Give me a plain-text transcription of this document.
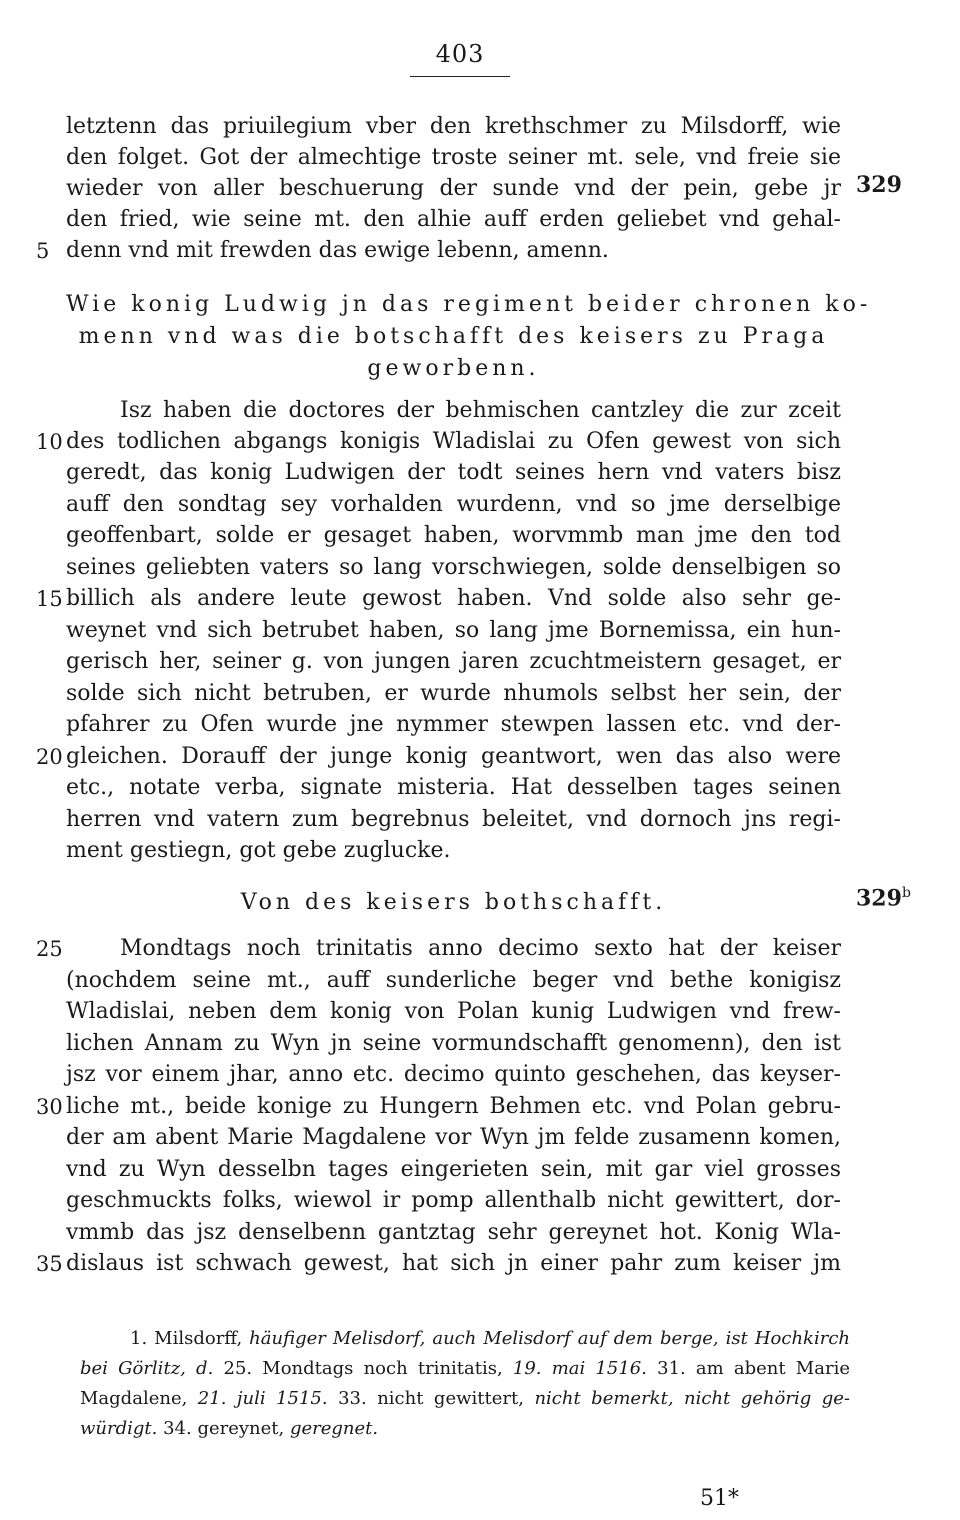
403
letztenn das priuilegium vber den krethschmer zu Milsdorff, wie
den folget. Got der almechtige troste seiner mt. sele, vnd freie sie
wieder von aller beschuerung der sunde vnd der pein, gebe jr 329
den fried, wie seine mt. den alhie auff erden geliebet vnd gehal-
5 denn vnd mit frewden das ewige lebenn, amenn.
Wie konig Ludwig jn das regiment beider chronen ko-
menn vnd was die botschafft des keisers zu Praga
geworbenn.
Isz haben die doctores der behmischen cantzley die zur zceit
10 des todlichen abgangs konigis Wladislai zu Ofen gewest von sich
geredt, das konig Ludwigen der todt seines hern vnd vaters bisz
auff den sondtag sey vorhalden wurdenn, vnd so jme derselbige
geoffenbart, solde er gesaget haben, worvmmb man jme den tod
seines geliebten vaters so lang vorschwiegen, solde denselbigen so
15 billich als andere leute gewost haben. Vnd solde also sehr ge-
weynet vnd sich betrubet haben, so lang jme Bornemissa, ein hun-
gerisch her, seiner g. von jungen jaren zcuchtmeistern gesaget, er
solde sich nicht betruben, er wurde nhumols selbst her sein, der
pfahrer zu Ofen wurde jne nymmer stewpen lassen etc. vnd der-
20 gleichen. Dorauff der junge konig geantwort, wen das also were
etc., notate verba, signate misteria. Hat desselben tages seinen
herren vnd vatern zum begrebnus beleitet, vnd dornoch jns regi-
ment gestiegn, got gebe zuglucke.
Von des keisers bothschafft.	329$^b$
25	Mondtags noch trinitatis anno decimo sexto hat der keiser
(nochdem seine mt., auff sunderliche beger vnd bethe konigisz
Wladislai, neben dem konig von Polan kunig Ludwigen vnd frew-
lichen Annam zu Wyn jn seine vormundschafft genomenn), den ist
jsz vor einem jhar, anno etc. decimo quinto geschehen, das keyser-
30 liche mt., beide konige zu Hungern Behmen etc. vnd Polan gebru-
der am abent Marie Magdalene vor Wyn jm felde zusamenn komen,
vnd zu Wyn desselbn tages eingerieten sein, mit gar viel grosses
geschmuckts folks, wiewol ir pomp allenthalb nicht gewittert, dor-
vmmb das jsz denselbenn gantztag sehr gereynet hot. Konig Wla-
35 dislaus ist schwach gewest, hat sich jn einer pahr zum keiser jm
1. Milsdorff, häufiger Melisdorf, auch Melisdorf auf dem berge, ist Hochkirch
bei Görlitz, d. 25. Mondtags noch trinitatis, 19. mai 1516. 31. am abent Marie
Magdalene, 21. juli 1515. 33. nicht gewittert, nicht bemerkt, nicht gehörig ge-
würdigt. 34. gereynet, geregnet.
51*
